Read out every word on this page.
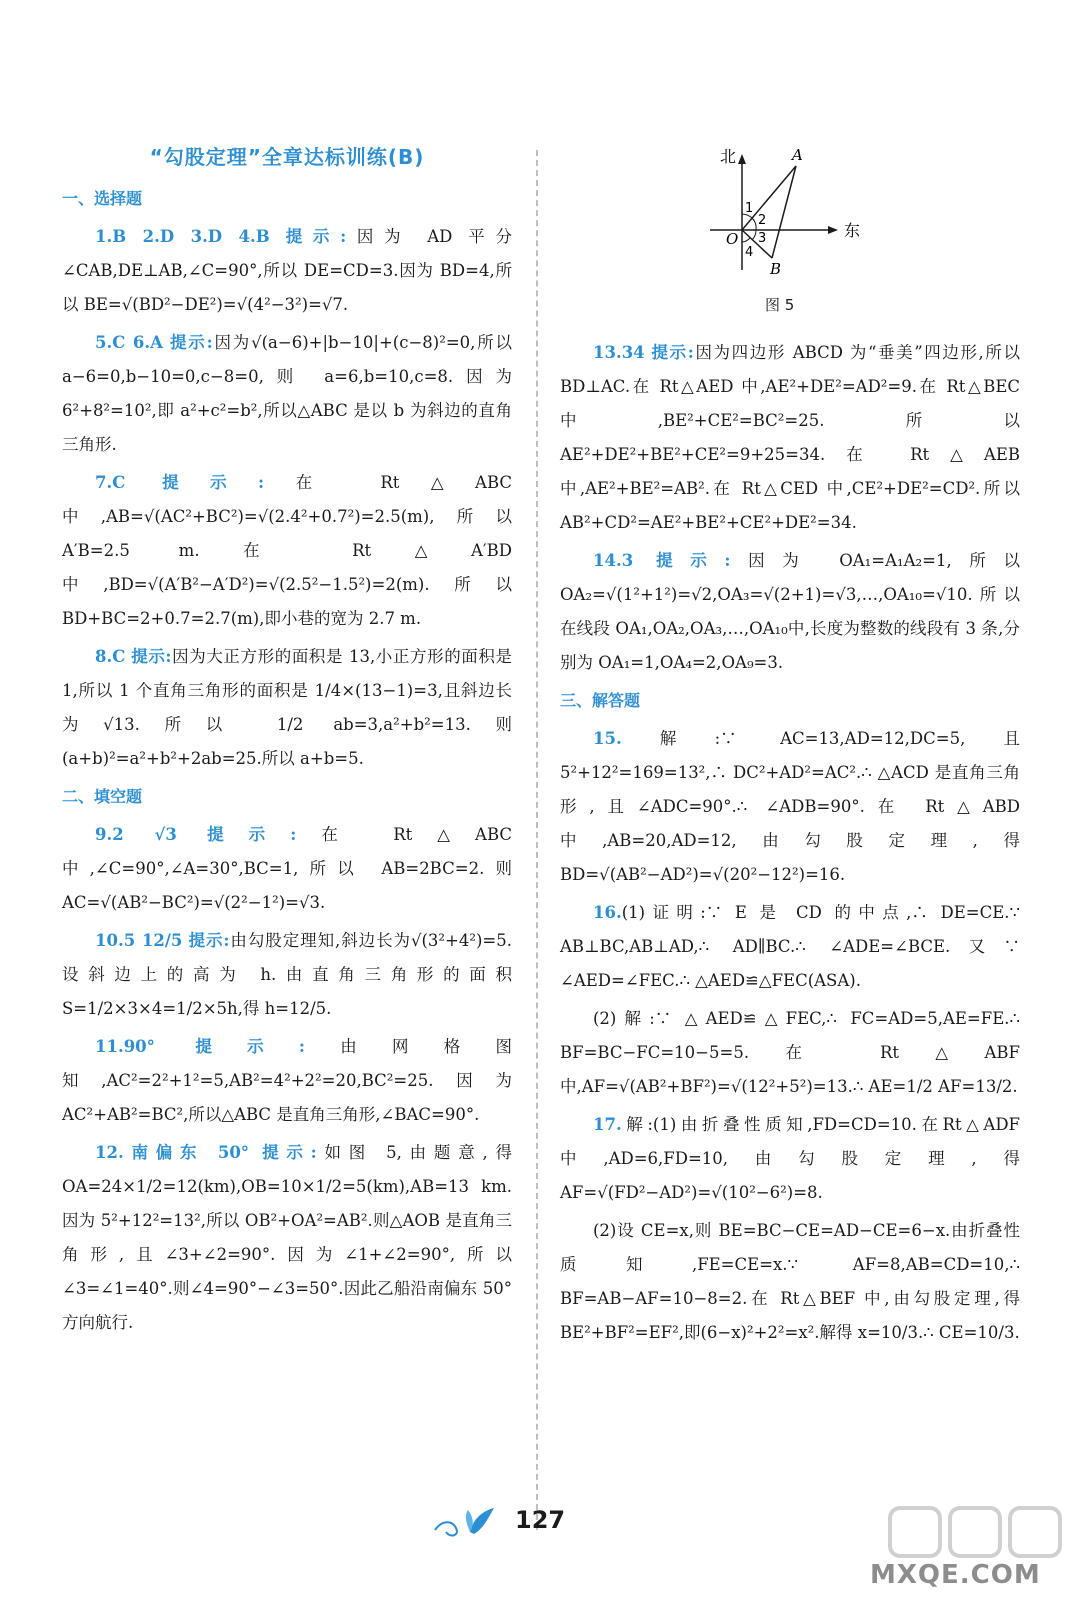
“勾股定理”全章达标训练(B)
一、选择题

1.B 2.D 3.D 4.B 提示:因为 AD 平分∠CAB,DE⊥AB,∠C=90°,所以 DE=CD=3.因为 BD=4,所以 BE=√(BD²−DE²)=√(4²−3²)=√7.

5.C 6.A 提示:因为√(a−6)+|b−10|+(c−8)²=0,所以 a−6=0,b−10=0,c−8=0,则 a=6,b=10,c=8.因为 6²+8²=10²,即 a²+c²=b²,所以△ABC 是以 b 为斜边的直角三角形.

7.C 提示:在 Rt△ABC 中,AB=√(AC²+BC²)=√(2.4²+0.7²)=2.5(m),所以 A′B=2.5 m.在 Rt△A′BD 中,BD=√(A′B²−A′D²)=√(2.5²−1.5²)=2(m).所以 BD+BC=2+0.7=2.7(m),即小巷的宽为 2.7 m.

8.C 提示:因为大正方形的面积是 13,小正方形的面积是 1,所以 1 个直角三角形的面积是 1/4×(13−1)=3,且斜边长为√13.所以 1/2 ab=3,a²+b²=13.则(a+b)²=a²+b²+2ab=25.所以 a+b=5.

二、填空题

9.2 √3 提示:在 Rt△ABC 中,∠C=90°,∠A=30°,BC=1,所以 AB=2BC=2.则 AC=√(AB²−BC²)=√(2²−1²)=√3.

10.5 12/5 提示:由勾股定理知,斜边长为√(3²+4²)=5.设斜边上的高为 h.由直角三角形的面积 S=1/2×3×4=1/2×5h,得 h=12/5.

11.90° 提示:由网格图知,AC²=2²+1²=5,AB²=4²+2²=20,BC²=25.因为 AC²+AB²=BC²,所以△ABC 是直角三角形,∠BAC=90°.

12.南偏东 50° 提示:如图 5,由题意,得 OA=24×1/2=12(km),OB=10×1/2=5(km),AB=13 km.因为 5²+12²=13²,所以 OB²+OA²=AB².则△AOB 是直角三角形,且∠3+∠2=90°.因为∠1+∠2=90°,所以∠3=∠1=40°.则∠4=90°−∠3=50°.因此乙船沿南偏东 50°方向航行.

北
东
A
B
O
1
2
3
4
图 5

13.34 提示:因为四边形 ABCD 为“垂美”四边形,所以 BD⊥AC.在 Rt△AED 中,AE²+DE²=AD²=9.在 Rt△BEC中,BE²+CE²=BC²=25.所以 AE²+DE²+BE²+CE²=9+25=34.在 Rt△AEB 中,AE²+BE²=AB².在 Rt△CED 中,CE²+DE²=CD².所以 AB²+CD²=AE²+BE²+CE²+DE²=34.

14.3 提示:因为 OA₁=A₁A₂=1,所以 OA₂=√(1²+1²)=√2,OA₃=√(2+1)=√3,…,OA₁₀=√10.所以在线段 OA₁,OA₂,OA₃,…,OA₁₀中,长度为整数的线段有 3 条,分别为 OA₁=1,OA₄=2,OA₉=3.

三、解答题

15.解:∵ AC=13,AD=12,DC=5,且 5²+12²=169=13²,∴ DC²+AD²=AC².∴ △ACD 是直角三角形,且∠ADC=90°.∴ ∠ADB=90°.在 Rt△ABD 中,AB=20,AD=12,由勾股定理,得 BD=√(AB²−AD²)=√(20²−12²)=16.

16.(1)证明:∵ E 是 CD 的中点,∴ DE=CE.∵ AB⊥BC,AB⊥AD,∴ AD∥BC.∴ ∠ADE=∠BCE.又∵ ∠AED=∠FEC.∴ △AED≌△FEC(ASA).

(2)解:∵ △AED≌△FEC,∴ FC=AD=5,AE=FE.∴ BF=BC−FC=10−5=5.在 Rt△ABF 中,AF=√(AB²+BF²)=√(12²+5²)=13.∴ AE=1/2 AF=13/2.

17.解:(1)由折叠性质知,FD=CD=10.在Rt△ADF中,AD=6,FD=10,由勾股定理,得 AF=√(FD²−AD²)=√(10²−6²)=8.

(2)设 CE=x,则 BE=BC−CE=AD−CE=6−x.由折叠性质知,FE=CE=x.∵ AF=8,AB=CD=10,∴ BF=AB−AF=10−8=2.在 Rt△BEF 中,由勾股定理,得 BE²+BF²=EF²,即(6−x)²+2²=x².解得 x=10/3.∴ CE=10/3.

127
MXQE.COM
